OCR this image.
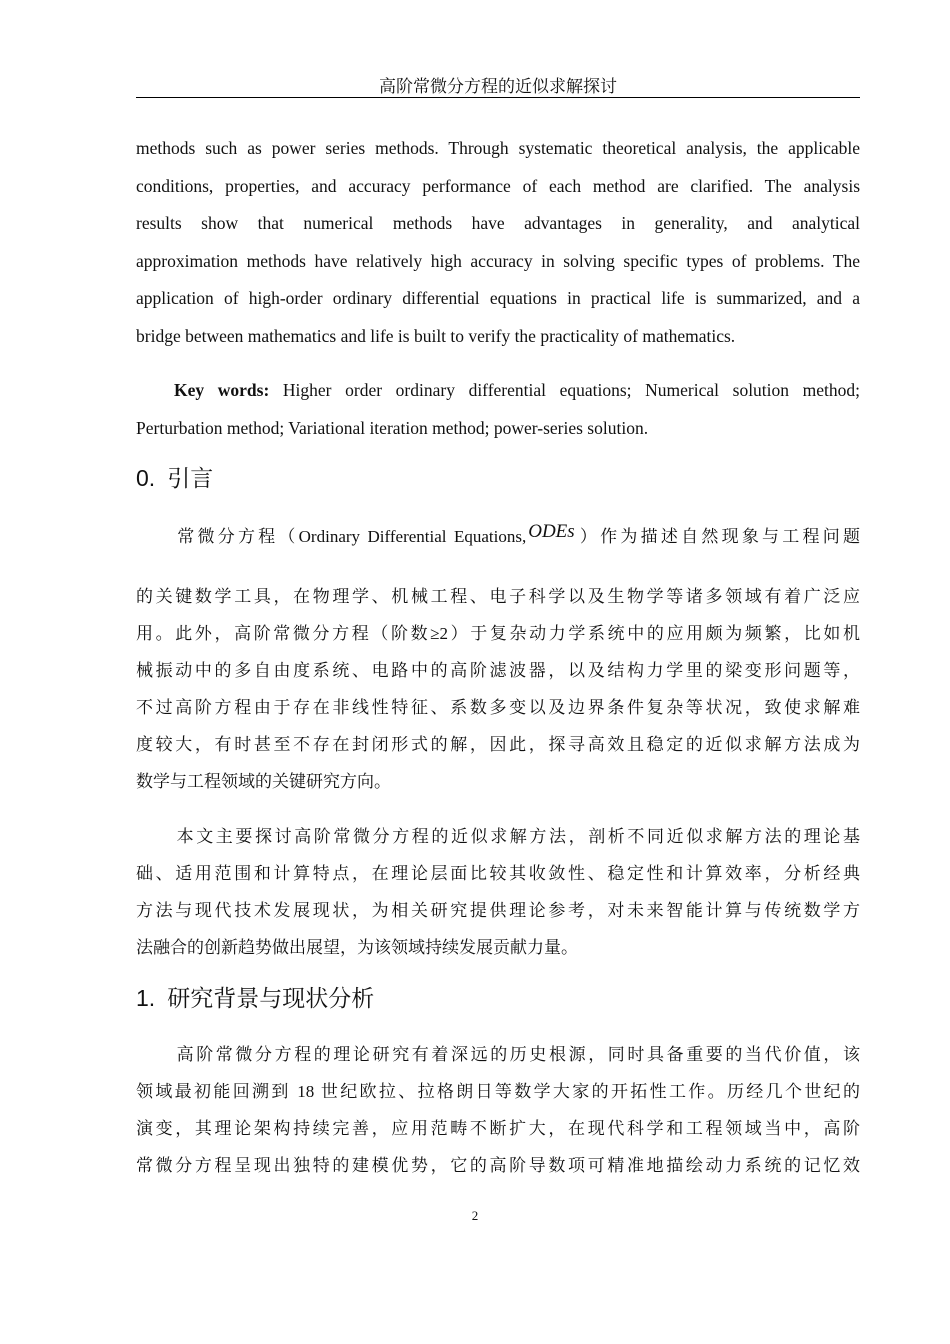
高阶常微分方程的近似求解探讨
methods such as power series methods. Through systematic theoretical analysis, the applicable
conditions, properties, and accuracy performance of each method are clarified. The analysis
results show that numerical methods have advantages in generality, and analytical
approximation methods have relatively high accuracy in solving specific types of problems. The
application of high-order ordinary differential equations in practical life is summarized, and a
bridge between mathematics and life is built to verify the practicality of mathematics.
Key words: Higher order ordinary differential equations; Numerical solution method;
Perturbation method; Variational iteration method; power-series solution.
0. 引言
常微分方程（Ordinary Differential Equations, ODEs ）作为描述自然现象与工程问题
的关键数学工具，在物理学、机械工程、电子科学以及生物学等诸多领域有着广泛应
用。此外，高阶常微分方程（阶数≥2）于复杂动力学系统中的应用颇为频繁，比如机
械振动中的多自由度系统、电路中的高阶滤波器，以及结构力学里的梁变形问题等，
不过高阶方程由于存在非线性特征、系数多变以及边界条件复杂等状况，致使求解难
度较大，有时甚至不存在封闭形式的解，因此，探寻高效且稳定的近似求解方法成为
数学与工程领域的关键研究方向。
本文主要探讨高阶常微分方程的近似求解方法，剖析不同近似求解方法的理论基
础、适用范围和计算特点，在理论层面比较其收敛性、稳定性和计算效率，分析经典
方法与现代技术发展现状，为相关研究提供理论参考，对未来智能计算与传统数学方
法融合的创新趋势做出展望，为该领域持续发展贡献力量。
1. 研究背景与现状分析
高阶常微分方程的理论研究有着深远的历史根源，同时具备重要的当代价值，该
领域最初能回溯到 18 世纪欧拉、拉格朗日等数学大家的开拓性工作。历经几个世纪的
演变，其理论架构持续完善，应用范畴不断扩大，在现代科学和工程领域当中，高阶
常微分方程呈现出独特的建模优势，它的高阶导数项可精准地描绘动力系统的记忆效
2
